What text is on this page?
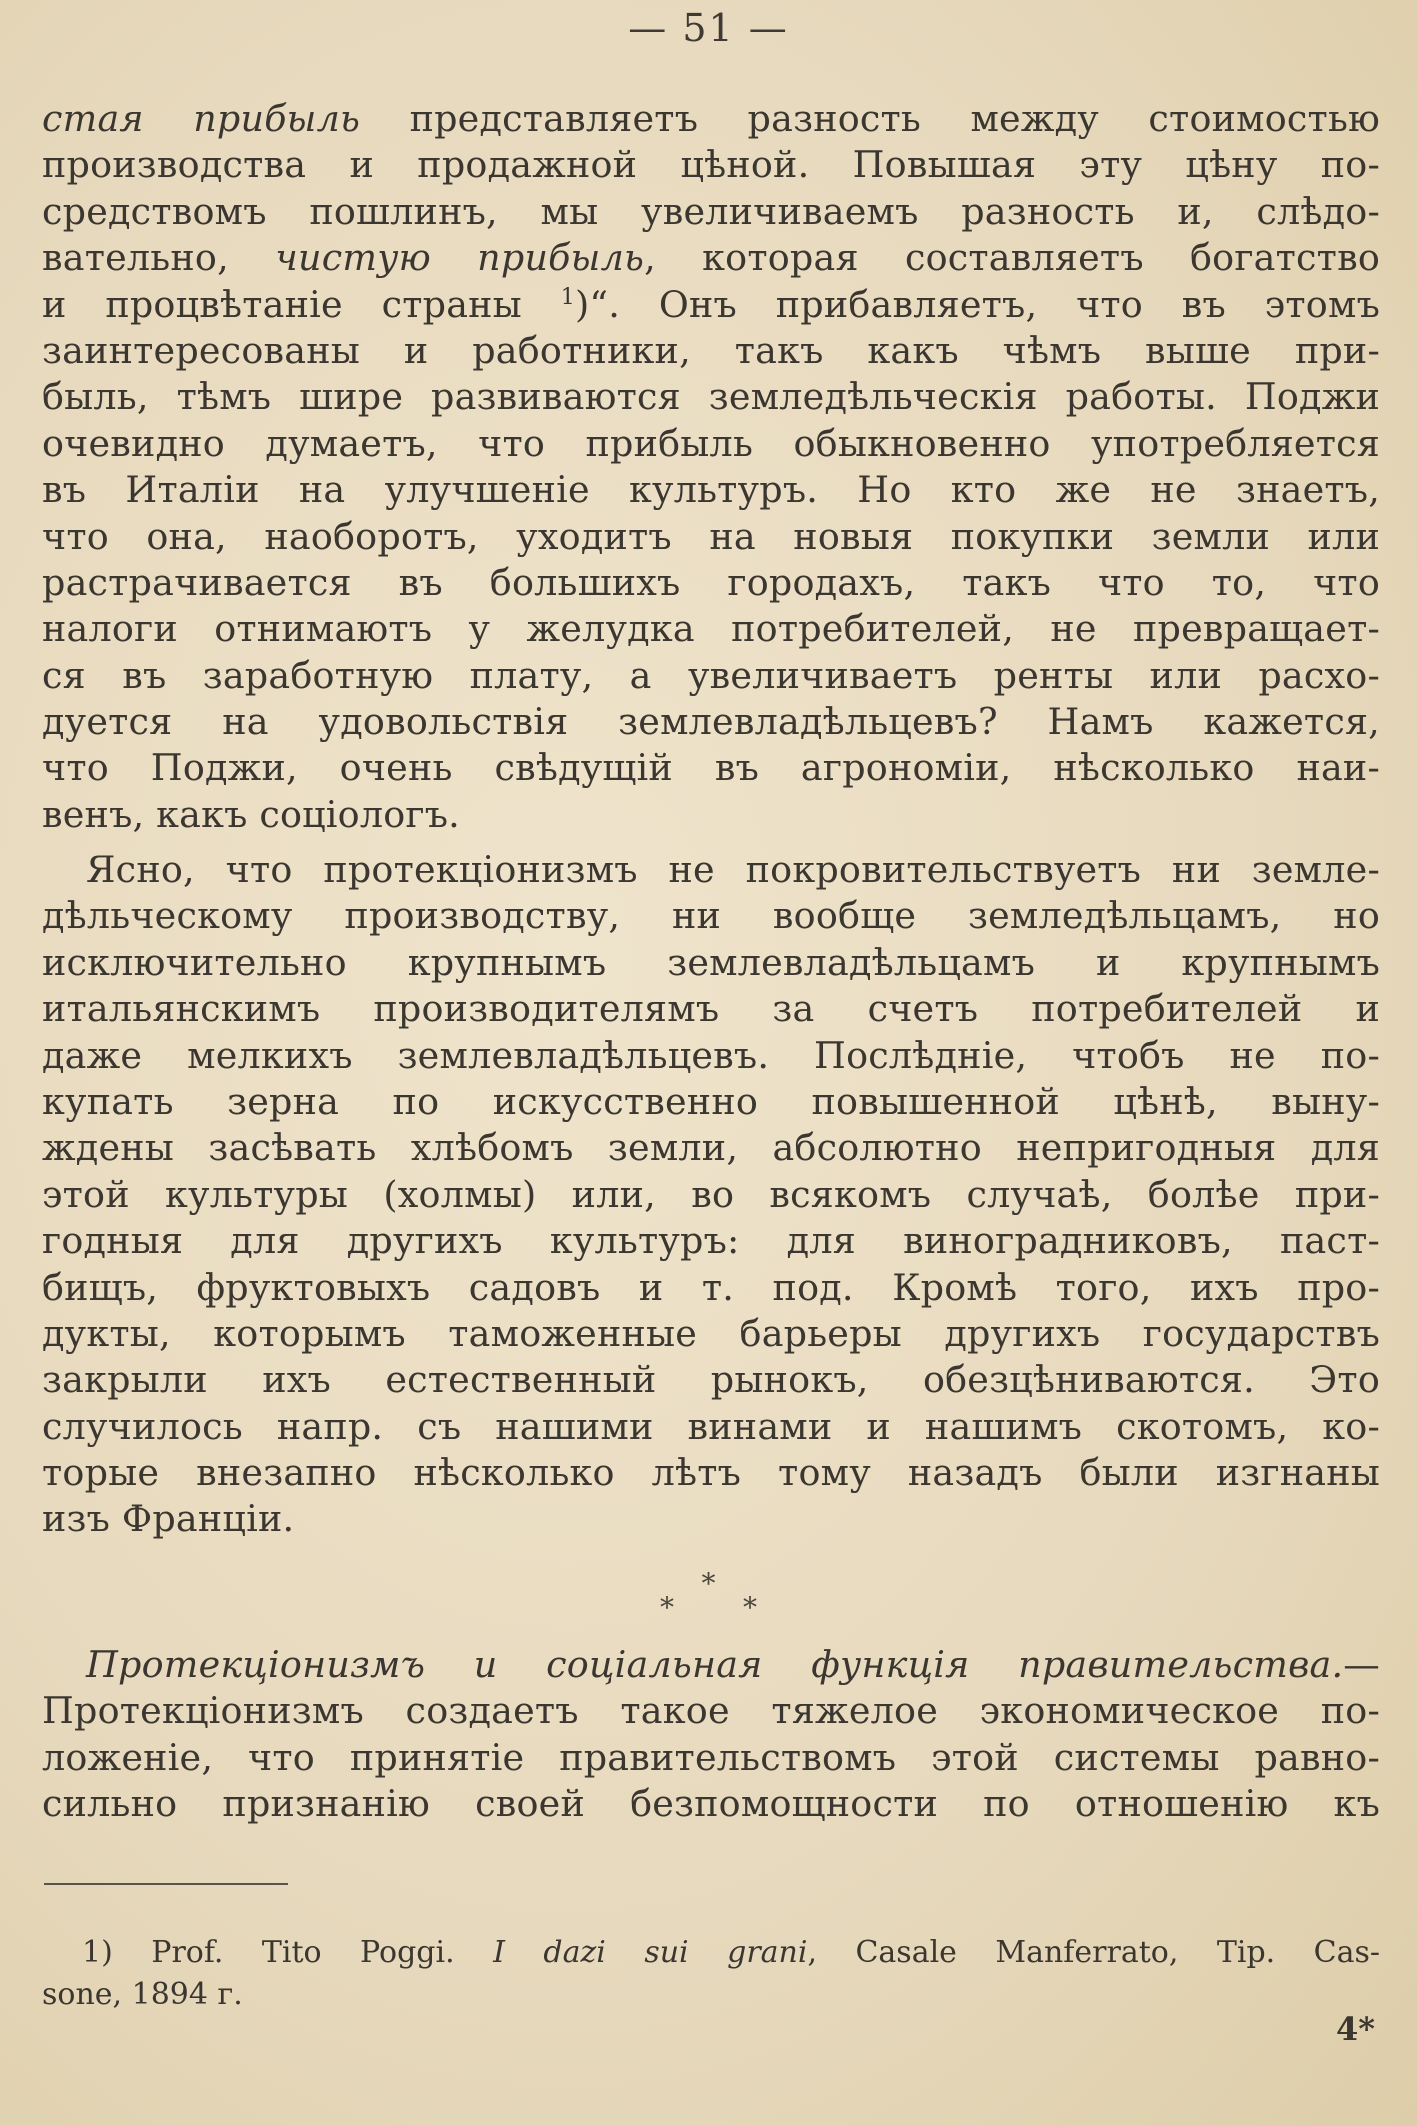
— 51 —
стая прибыль представляетъ разность между стоимостью
производства и продажной цѣной. Повышая эту цѣну по-
средствомъ пошлинъ, мы увеличиваемъ разность и, слѣдо-
вательно, чистую прибыль, которая составляетъ богатство
и процвѣтаніе страны $^1$)“. Онъ прибавляетъ, что въ этомъ
заинтересованы и работники, такъ какъ чѣмъ выше при-
быль, тѣмъ шире развиваются земледѣльческія работы. Поджи
очевидно думаетъ, что прибыль обыкновенно употребляется
въ Италіи на улучшеніе культуръ. Но кто же не знаетъ,
что она, наоборотъ, уходитъ на новыя покупки земли или
растрачивается въ большихъ городахъ, такъ что то, что
налоги отнимаютъ у желудка потребителей, не превращает-
ся въ заработную плату, а увеличиваетъ ренты или расхо-
дуется на удовольствія землевладѣльцевъ? Намъ кажется,
что Поджи, очень свѣдущій въ агрономіи, нѣсколько наи-
венъ, какъ соціологъ.
Ясно, что протекціонизмъ не покровительствуетъ ни земле-
дѣльческому производству, ни вообще земледѣльцамъ, но
исключительно крупнымъ землевладѣльцамъ и крупнымъ
итальянскимъ производителямъ за счетъ потребителей и
даже мелкихъ землевладѣльцевъ. Послѣдніе, чтобъ не по-
купать зерна по искусственно повышенной цѣнѣ, выну-
ждены засѣвать хлѣбомъ земли, абсолютно непригодныя для
этой культуры (холмы) или, во всякомъ случаѣ, болѣе при-
годныя для другихъ культуръ: для виноградниковъ, паст-
бищъ, фруктовыхъ садовъ и т. под. Кромѣ того, ихъ про-
дукты, которымъ таможенные барьеры другихъ государствъ
закрыли ихъ естественный рынокъ, обезцѣниваются. Это
случилось напр. съ нашими винами и нашимъ скотомъ, ко-
торые внезапно нѣсколько лѣтъ тому назадъ были изгнаны
изъ Франціи.
*
* *
Протекціонизмъ и соціальная функція правительства.—
Протекціонизмъ создаетъ такое тяжелое экономическое по-
ложеніе, что принятіе правительствомъ этой системы равно-
сильно признанію своей безпомощности по отношенію къ
1) Prof. Tito Poggi. I dazi sui grani, Casale Manferrato, Tip. Cas-
sone, 1894 г.
4*
